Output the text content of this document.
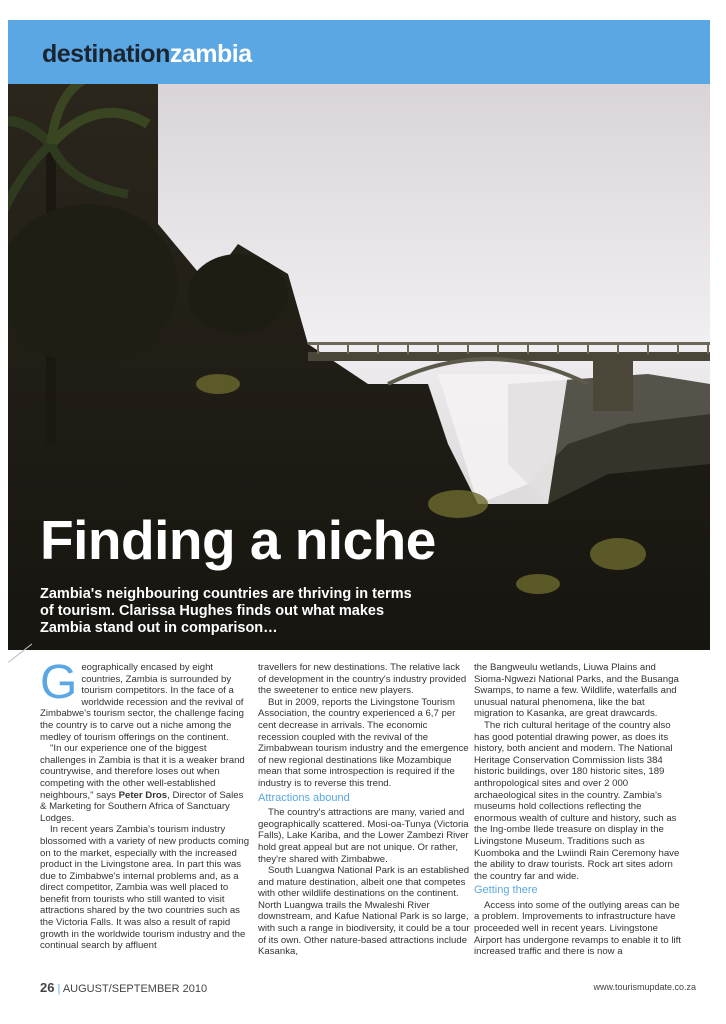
destinationzambia
Finding a niche
Zambia's neighbouring countries are thriving in terms of tourism. Clarissa Hughes finds out what makes Zambia stand out in comparison…

Geographically encased by eight countries, Zambia is surrounded by tourism competitors. In the face of a worldwide recession and the revival of Zimbabwe's tourism sector, the challenge facing the country is to carve out a niche among the medley of tourism offerings on the continent.

"In our experience one of the biggest challenges in Zambia is that it is a weaker brand countrywise, and therefore loses out when competing with the other well-established neighbours," says Peter Dros, Director of Sales & Marketing for Southern Africa of Sanctuary Lodges.

In recent years Zambia's tourism industry blossomed with a variety of new products coming on to the market, especially with the increased product in the Livingstone area. In part this was due to Zimbabwe's internal problems and, as a direct competitor, Zambia was well placed to benefit from tourists who still wanted to visit attractions shared by the two countries such as the Victoria Falls. It was also a result of rapid growth in the worldwide tourism industry and the continual search by affluent

travellers for new destinations. The relative lack of development in the country's industry provided the sweetener to entice new players.

But in 2009, reports the Livingstone Tourism Association, the country experienced a 6,7 per cent decrease in arrivals. The economic recession coupled with the revival of the Zimbabwean tourism industry and the emergence of new regional destinations like Mozambique mean that some introspection is required if the industry is to reverse this trend.

Attractions abound

The country's attractions are many, varied and geographically scattered. Mosi-oa-Tunya (Victoria Falls), Lake Kariba, and the Lower Zambezi River hold great appeal but are not unique. Or rather, they're shared with Zimbabwe.

South Luangwa National Park is an established and mature destination, albeit one that competes with other wildlife destinations on the continent. North Luangwa trails the Mwaleshi River downstream, and Kafue National Park is so large, with such a range in biodiversity, it could be a tour of its own. Other nature-based attractions include Kasanka,

the Bangweulu wetlands, Liuwa Plains and Sioma-Ngwezi National Parks, and the Busanga Swamps, to name a few. Wildlife, waterfalls and unusual natural phenomena, like the bat migration to Kasanka, are great drawcards.

The rich cultural heritage of the country also has good potential drawing power, as does its history, both ancient and modern. The National Heritage Conservation Commission lists 384 historic buildings, over 180 historic sites, 189 anthropological sites and over 2 000 archaeological sites in the country. Zambia's museums hold collections reflecting the enormous wealth of culture and history, such as the Ing-ombe Ilede treasure on display in the Livingstone Museum. Traditions such as Kuomboka and the Lwiindi Rain Ceremony have the ability to draw tourists. Rock art sites adorn the country far and wide.

Getting there

Access into some of the outlying areas can be a problem. Improvements to infrastructure have proceeded well in recent years. Livingstone Airport has undergone revamps to enable it to lift increased traffic and there is now a

26 | AUGUST/SEPTEMBER 2010	www.tourismupdate.co.za
